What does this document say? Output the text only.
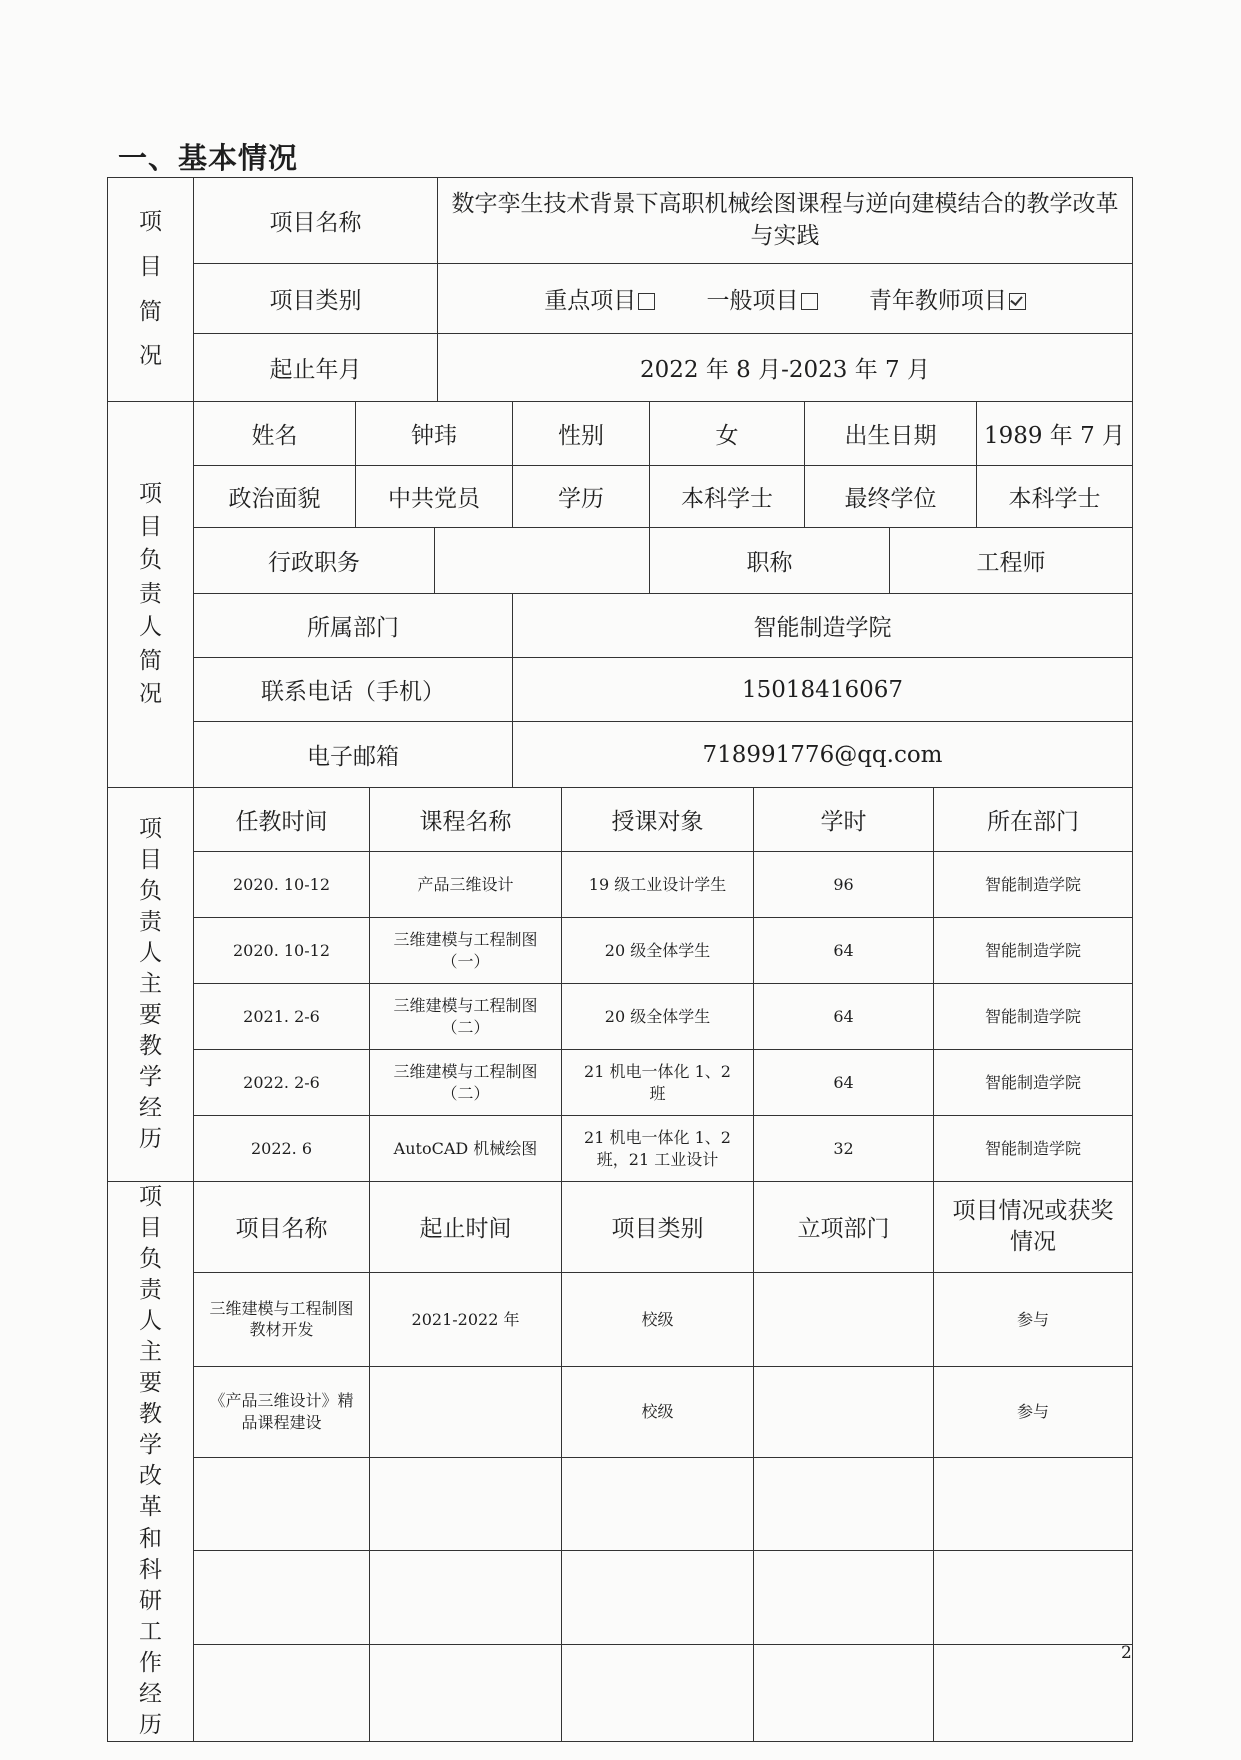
一、基本情况
项目简况	项目名称	数字孪生技术背景下高职机械绘图课程与逆向建模结合的教学改革与实践
	项目类别	重点项目 一般项目 青年教师项目
	起止年月	2022 年 8 月-2023 年 7 月
项目负责人简况	姓名	钟玮		性别	女	出生日期		1989 年 7 月
	政治面貌	中共党员		学历	本科学士	最终学位		本科学士
	行政职务				职称		工程师	
	所属部门			智能制造学院				
	联系电话（手机）			15018416067				
	电子邮箱			718991776@qq.com				
项目负责人主要教学经历	任教时间	课程名称	授课对象	学时	所在部门
	2020. 10-12	产品三维设计	19 级工业设计学生	96	智能制造学院
	2020. 10-12	三维建模与工程制图（一）	20 级全体学生	64	智能制造学院
	2021. 2-6	三维建模与工程制图（二）	20 级全体学生	64	智能制造学院
	2022. 2-6	三维建模与工程制图（二）	21 机电一体化 1、2 班	64	智能制造学院
	2022. 6	AutoCAD 机械绘图	21 机电一体化 1、2 班，21 工业设计	32	智能制造学院
项目负责人主要教学改革和科研工作经历	项目名称	起止时间	项目类别	立项部门	项目情况或获奖情况
	三维建模与工程制图教材开发	2021-2022 年	校级		参与
	《产品三维设计》精品课程建设		校级		参与

2
